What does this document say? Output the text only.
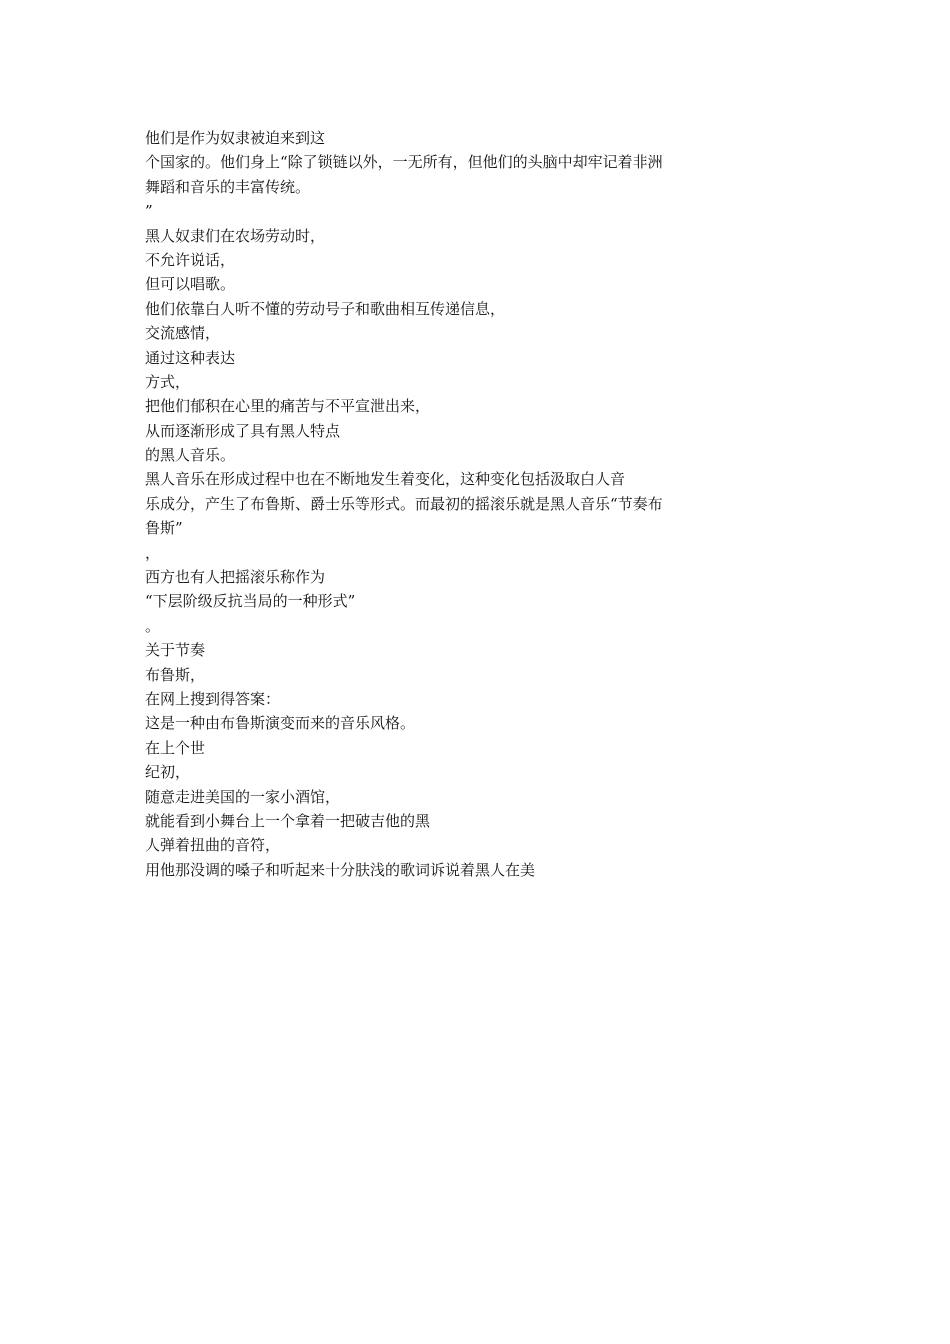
他们是作为奴隶被迫来到这
个国家的。他们身上“除了锁链以外，一无所有，但他们的头脑中却牢记着非洲
舞蹈和音乐的丰富传统。
”
黑人奴隶们在农场劳动时，
不允许说话，
但可以唱歌。
他们依靠白人听不懂的劳动号子和歌曲相互传递信息，
交流感情，
通过这种表达
方式，
把他们郁积在心里的痛苦与不平宣泄出来，
从而逐渐形成了具有黑人特点
的黑人音乐。
黑人音乐在形成过程中也在不断地发生着变化，这种变化包括汲取白人音
乐成分，产生了布鲁斯、爵士乐等形式。而最初的摇滚乐就是黑人音乐“节奏布
鲁斯”
，
西方也有人把摇滚乐称作为
“下层阶级反抗当局的一种形式”
。
关于节奏
布鲁斯，
在网上搜到得答案：
这是一种由布鲁斯演变而来的音乐风格。
在上个世
纪初，
随意走进美国的一家小酒馆，
就能看到小舞台上一个拿着一把破吉他的黑
人弹着扭曲的音符，
用他那没调的嗓子和听起来十分肤浅的歌词诉说着黑人在美
